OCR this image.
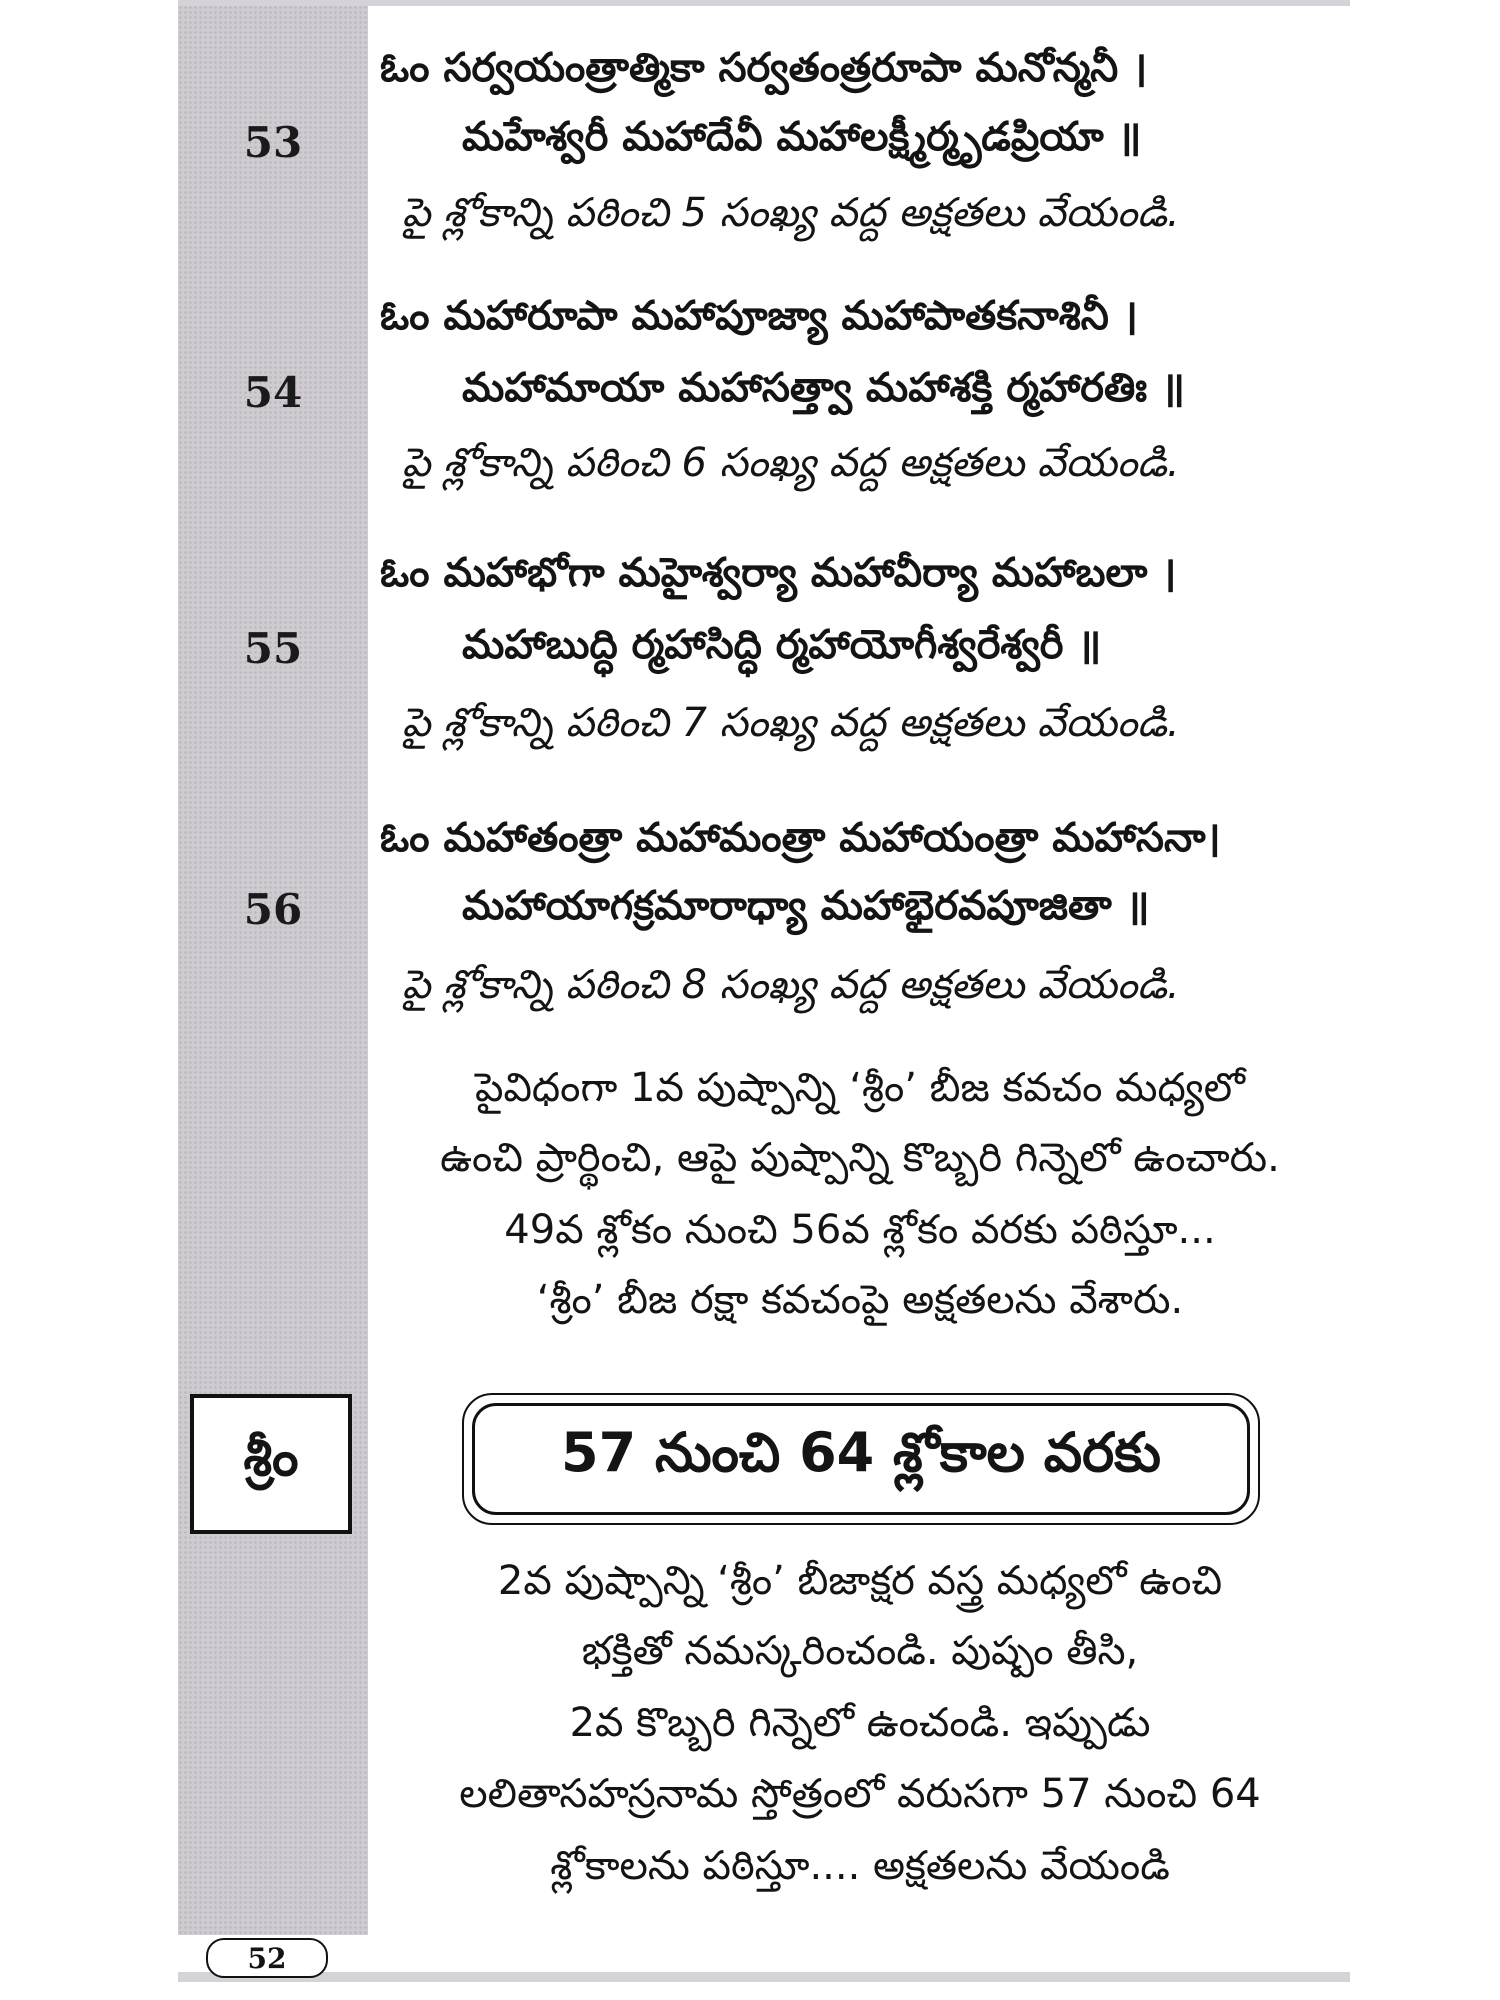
53
ఓం సర్వయంత్రాత్మికా సర్వతంత్రరూపా మనోన్మనీ ।
మహేశ్వరీ మహాదేవీ మహాలక్ష్మీర్మృడప్రియా ॥
పై శ్లోకాన్ని పఠించి 5 సంఖ్య వద్ద అక్షతలు వేయండి.
54
ఓం మహారూపా మహాపూజ్యా మహాపాతకనాశినీ ।
మహామాయా మహాసత్త్వా మహాశక్తి ర్మహారతిః ॥
పై శ్లోకాన్ని పఠించి 6 సంఖ్య వద్ద అక్షతలు వేయండి.
55
ఓం మహాభోగా మహైశ్వర్యా మహావీర్యా మహాబలా ।
మహాబుద్ధి ర్మహాసిద్ధి ర్మహాయోగీశ్వరేశ్వరీ ॥
పై శ్లోకాన్ని పఠించి 7 సంఖ్య వద్ద అక్షతలు వేయండి.
56
ఓం మహాతంత్రా మహామంత్రా మహాయంత్రా మహాసనా।
మహాయాగక్రమారాధ్యా మహాభైరవపూజితా ॥
పై శ్లోకాన్ని పఠించి 8 సంఖ్య వద్ద అక్షతలు వేయండి.
పైవిధంగా 1వ పుష్పాన్ని ‘శ్రీం’ బీజ కవచం మధ్యలో
ఉంచి ప్రార్థించి, ఆపై పుష్పాన్ని కొబ్బరి గిన్నెలో ఉంచారు.
49వ శ్లోకం నుంచి 56వ శ్లోకం వరకు పఠిస్తూ...
‘శ్రీం’ బీజ రక్షా కవచంపై అక్షతలను వేశారు.
శ్రీం	57 నుంచి 64 శ్లోకాల వరకు
2వ పుష్పాన్ని ‘శ్రీం’ బీజాక్షర వస్త్ర మధ్యలో ఉంచి
భక్తితో నమస్కరించండి. పుష్పం తీసి,
2వ కొబ్బరి గిన్నెలో ఉంచండి. ఇప్పుడు
లలితాసహస్రనామ స్తోత్రంలో వరుసగా 57 నుంచి 64
శ్లోకాలను పఠిస్తూ.... అక్షతలను వేయండి
52
